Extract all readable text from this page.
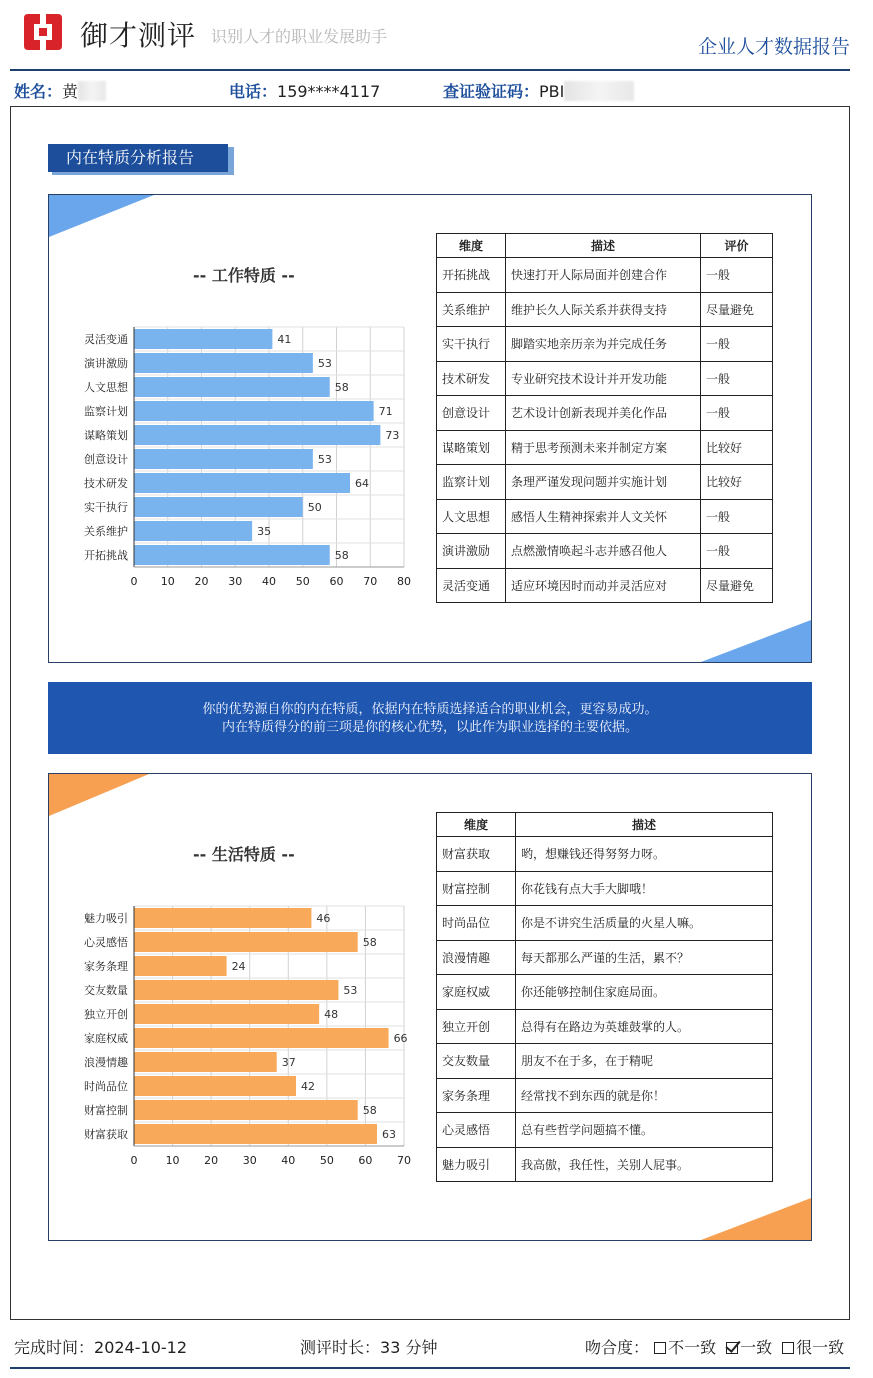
御才测评 识别人才的职业发展助手	企业人才数据报告
姓名：黄	电话：159****4117	查证验证码：PBI
内在特质分析报告
-- 工作特质 --
41
灵活变通
53
演讲激励
58
人文思想
71
监察计划
73
谋略策划
53
创意设计
64
技术研发
50
实干执行
35
关系维护
58
开拓挑战
0 10 20 30 40 50 60 70 80
维度	描述	评价
开拓挑战	快速打开人际局面并创建合作	一般
关系维护	维护长久人际关系并获得支持	尽量避免
实干执行	脚踏实地亲历亲为并完成任务	一般
技术研发	专业研究技术设计并开发功能	一般
创意设计	艺术设计创新表现并美化作品	一般
谋略策划	精于思考预测未来并制定方案	比较好
监察计划	条理严谨发现问题并实施计划	比较好
人文思想	感悟人生精神探索并人文关怀	一般
演讲激励	点燃激情唤起斗志并感召他人	一般
灵活变通	适应环境因时而动并灵活应对	尽量避免
你的优势源自你的内在特质，依据内在特质选择适合的职业机会，更容易成功。
内在特质得分的前三项是你的核心优势，以此作为职业选择的主要依据。
-- 生活特质 --
46
魅力吸引
58
心灵感悟
24
家务条理
53
交友数量
48
独立开创
66
家庭权威
37
浪漫情趣
42
时尚品位
58
财富控制
63
财富获取
0	10 20 30 40 50 60 70
维度	描述
财富获取	哟，想赚钱还得努努力呀。
财富控制	你花钱有点大手大脚哦！
时尚品位	你是不讲究生活质量的火星人嘛。
浪漫情趣	每天都那么严谨的生活，累不？
家庭权威	你还能够控制住家庭局面。
独立开创	总得有在路边为英雄鼓掌的人。
交友数量	朋友不在于多，在于精呢
家务条理	经常找不到东西的就是你！
心灵感悟	总有些哲学问题搞不懂。
魅力吸引	我高傲，我任性，关别人屁事。
完成时间：2024-10-12	测评时长：33 分钟	吻合度： 不一致 一致 很一致
